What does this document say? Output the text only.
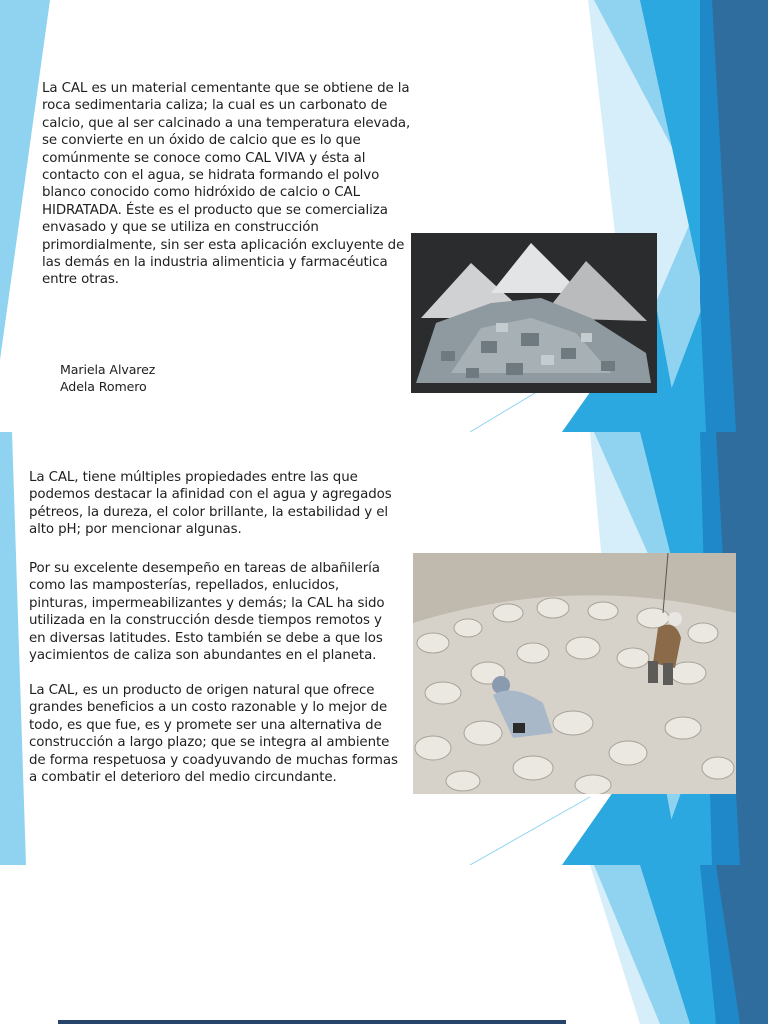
La CAL es un material cementante que se obtiene de la roca sedimentaria caliza; la cual es un carbonato de calcio, que al ser calcinado a una temperatura elevada, se convierte en un óxido de calcio que es lo que comúnmente se conoce como CAL VIVA y ésta al contacto con el agua, se hidrata formando el polvo blanco conocido como hidróxido de calcio o CAL HIDRATADA. Éste es el producto que se comercializa envasado y que se utiliza en construcción primordialmente, sin ser esta aplicación excluyente de las demás en la industria alimenticia y farmacéutica entre otras.

Mariela Alvarez
Adela Romero

La CAL, tiene múltiples propiedades entre las que podemos destacar la afinidad con el agua y agregados pétreos, la dureza, el color brillante, la estabilidad y el alto pH; por mencionar algunas.

Por su excelente desempeño en tareas de albañilería como las mamposterías, repellados, enlucidos, pinturas, impermeabilizantes y demás; la CAL ha sido utilizada en la construcción desde tiempos remotos y en diversas latitudes. Esto también se debe a que los yacimientos de caliza son abundantes en el planeta.

La CAL, es un producto de origen natural que ofrece grandes beneficios a un costo razonable y lo mejor de todo, es que fue, es y promete ser una alternativa de construcción a largo plazo; que se integra al ambiente de forma respetuosa y coadyuvando de muchas formas a combatir el deterioro del medio circundante.
